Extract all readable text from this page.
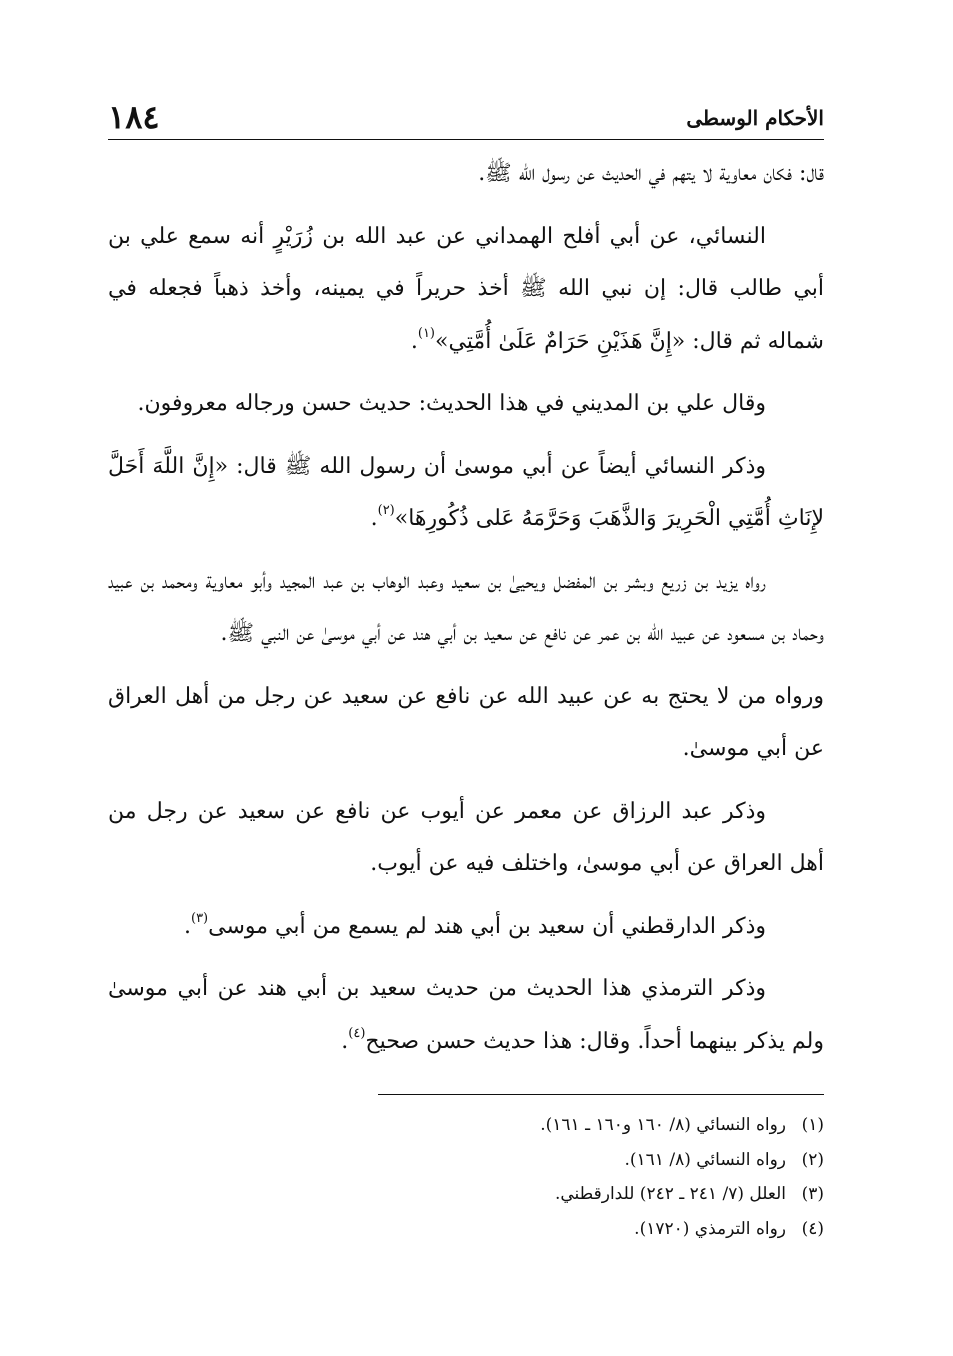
١٨٤	الأحكام الوسطى

قال: فكان معاوية لا يتهم في الحديث عن رسول الله ﷺ.

النسائي، عن أبي أفلح الهمداني عن عبد الله بن زُرَيْرٍ أنه سمع علي بن أبي طالب قال: إن نبي الله ﷺ أخذ حريراً في يمينه، وأخذ ذهباً فجعله في شماله ثم قال: «إِنَّ هَذَيْنِ حَرَامٌ عَلَىٰ أُمَّتِي»$^{(١)}$.

وقال علي بن المديني في هذا الحديث: حديث حسن ورجاله معروفون.

وذكر النسائي أيضاً عن أبي موسىٰ أن رسول الله ﷺ قال: «إِنَّ اللَّهَ أَحَلَّ لإِنَاثِ أُمَّتِي الْحَرِيرَ وَالذَّهَبَ وَحَرَّمَهُ عَلى ذُكُورِهَا»$^{(٢)}$.

رواه يزيد بن زريع وبشر بن المفضل ويحيىٰ بن سعيد وعبد الوهاب بن عبد المجيد وأبو معاوية ومحمد بن عبيد وحماد بن مسعود عن عبيد الله بن عمر عن نافع عن سعيد بن أبي هند عن أبي موسىٰ عن النبي ﷺ.

ورواه من لا يحتج به عن عبيد الله عن نافع عن سعيد عن رجل من أهل العراق عن أبي موسىٰ.

وذكر عبد الرزاق عن معمر عن أيوب عن نافع عن سعيد عن رجل من أهل العراق عن أبي موسىٰ، واختلف فيه عن أيوب.

وذكر الدارقطني أن سعيد بن أبي هند لم يسمع من أبي موسى$^{(٣)}$.

وذكر الترمذي هذا الحديث من حديث سعيد بن أبي هند عن أبي موسىٰ ولم يذكر بينهما أحداً. وقال: هذا حديث حسن صحيح$^{(٤)}$.

(١)رواه النسائي (٨/ ١٦٠ و١٦٠ ـ ١٦١).
(٢)رواه النسائي (٨/ ١٦١).
(٣)العلل (٧/ ٢٤١ ـ ٢٤٢) للدارقطني.
(٤)رواه الترمذي (١٧٢٠).
